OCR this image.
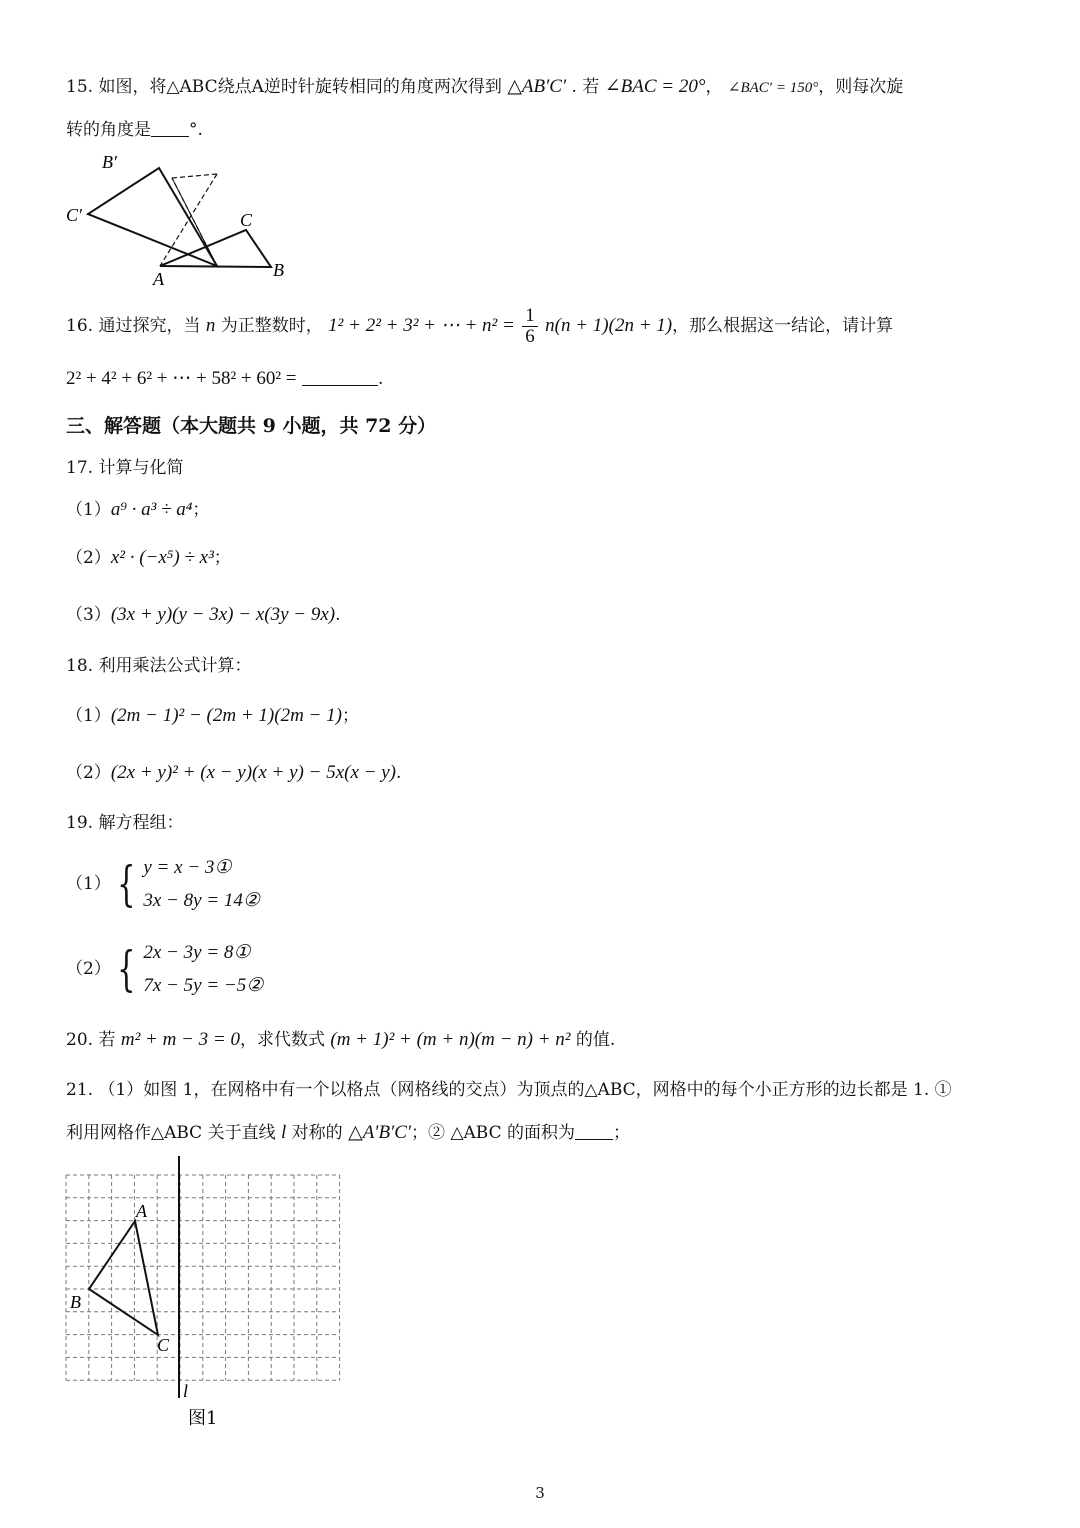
15. 如图，将△ABC绕点A逆时针旋转相同的角度两次得到 △AB′C′ . 若 ∠BAC = 20°， ∠BAC′ = 150°，则每次旋
转的角度是 °.
B′
C′	C
A	B
16. 通过探究，当 n 为正整数时， 1² + 2² + 3² + ⋯ + $n^2 = \frac{1}{6} n(n + 1)(2n + 1)$，那么根据这一结论，请计算
2² + 4² + 6² + ⋯ + 58² + 60² =	.
三、解答题（本大题共 9 小题，共 72 分）
17. 计算与化简
（1）a⁹ · a³ ÷ a⁴；
（2）x² · (−x⁵) ÷ x³；
（3）(3x + y)(y − 3x) − x(3y − 9x).
18. 利用乘法公式计算：
（1）(2m − 1)² − (2m + 1)(2m − 1)；
（2）(2x + y)² + (x − y)(x + y) − 5x(x − y).
19. 解方程组：
（1） { y = x − 3①
3x − 8y = 14②
（2） { 2x − 3y = 8①
7x − 5y = −5②
20. 若 m² + m − 3 = 0，求代数式 (m + 1)² + (m + n)(m − n) + n² 的值.
21. （1）如图 1，在网格中有一个以格点（网格线的交点）为顶点的△ABC，网格中的每个小正方形的边长都是 1. ①
利用网格作△ABC 关于直线 l 对称的 △A′B′C′；② △ABC 的面积为 ；
A
B
C
l
图1
3
